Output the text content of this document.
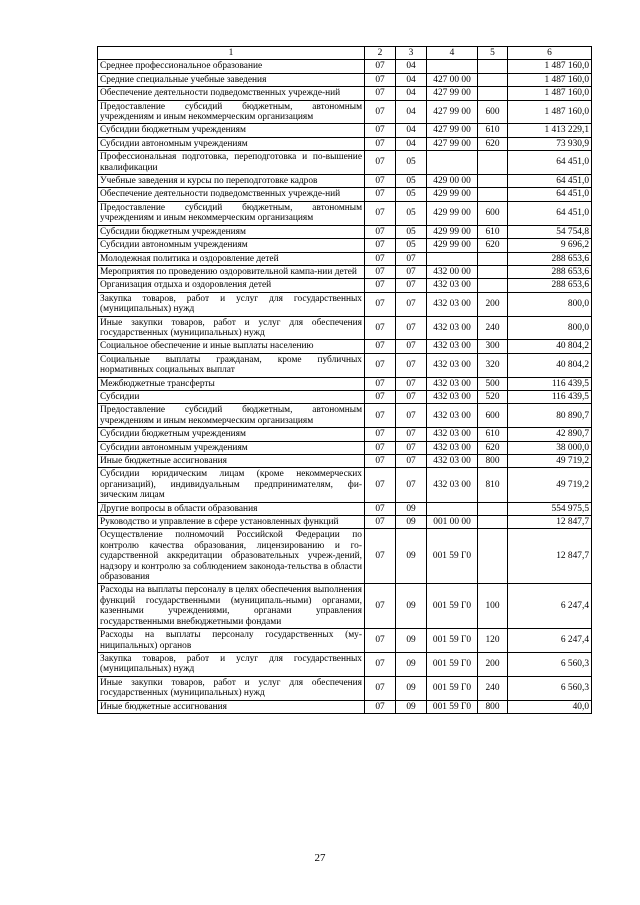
1	2	3	4	5	6
Среднее профессиональное образование	07	04			1 487 160,0
Средние специальные учебные заведения	07	04	427 00 00		1 487 160,0
Обеспечение деятельности подведомственных учрежде-ний	07	04	427 99 00		1 487 160,0
Предоставление субсидий бюджетным, автономным учреждениям и иным некоммерческим организациям	07	04	427 99 00	600	1 487 160,0
Субсидии бюджетным учреждениям	07	04	427 99 00	610	1 413 229,1
Субсидии автономным учреждениям	07	04	427 99 00	620	73 930,9
Профессиональная подготовка, переподготовка и по-вышение квалификации	07	05			64 451,0
Учебные заведения и курсы по переподготовке кадров	07	05	429 00 00		64 451,0
Обеспечение деятельности подведомственных учрежде-ний	07	05	429 99 00		64 451,0
Предоставление субсидий бюджетным, автономным учреждениям и иным некоммерческим организациям	07	05	429 99 00	600	64 451,0
Субсидии бюджетным учреждениям	07	05	429 99 00	610	54 754,8
Субсидии автономным учреждениям	07	05	429 99 00	620	9 696,2
Молодежная политика и оздоровление детей	07	07			288 653,6
Мероприятия по проведению оздоровительной кампа-нии детей	07	07	432 00 00		288 653,6
Организация отдыха и оздоровления детей	07	07	432 03 00		288 653,6
Закупка товаров, работ и услуг для государственных (муниципальных) нужд	07	07	432 03 00	200	800,0
Иные закупки товаров, работ и услуг для обеспечения государственных (муниципальных) нужд	07	07	432 03 00	240	800,0
Социальное обеспечение и иные выплаты населению	07	07	432 03 00	300	40 804,2
Социальные выплаты гражданам, кроме публичных нормативных социальных выплат	07	07	432 03 00	320	40 804,2
Межбюджетные трансферты	07	07	432 03 00	500	116 439,5
Субсидии	07	07	432 03 00	520	116 439,5
Предоставление субсидий бюджетным, автономным учреждениям и иным некоммерческим организациям	07	07	432 03 00	600	80 890,7
Субсидии бюджетным учреждениям	07	07	432 03 00	610	42 890,7
Субсидии автономным учреждениям	07	07	432 03 00	620	38 000,0
Иные бюджетные ассигнования	07	07	432 03 00	800	49 719,2
Субсидии юридическим лицам (кроме некоммерческих организаций), индивидуальным предпринимателям, фи-зическим лицам	07	07	432 03 00	810	49 719,2
Другие вопросы в области образования	07	09			554 975,5
Руководство и управление в сфере установленных функций	07	09	001 00 00		12 847,7
Осуществление полномочий Российской Федерации по контролю качества образования, лицензированию и го-сударственной аккредитации образовательных учреж-дений, надзору и контролю за соблюдением законода-тельства в области образования	07	09	001 59 Г0		12 847,7
Расходы на выплаты персоналу в целях обеспечения выполнения функций государственными (муниципаль-ными) органами, казенными учреждениями, органами управления государственными внебюджетными фондами	07	09	001 59 Г0	100	6 247,4
Расходы на выплаты персоналу государственных (му-ниципальных) органов	07	09	001 59 Г0	120	6 247,4
Закупка товаров, работ и услуг для государственных (муниципальных) нужд	07	09	001 59 Г0	200	6 560,3
Иные закупки товаров, работ и услуг для обеспечения государственных (муниципальных) нужд	07	09	001 59 Г0	240	6 560,3
Иные бюджетные ассигнования	07	09	001 59 Г0	800	40,0
27
